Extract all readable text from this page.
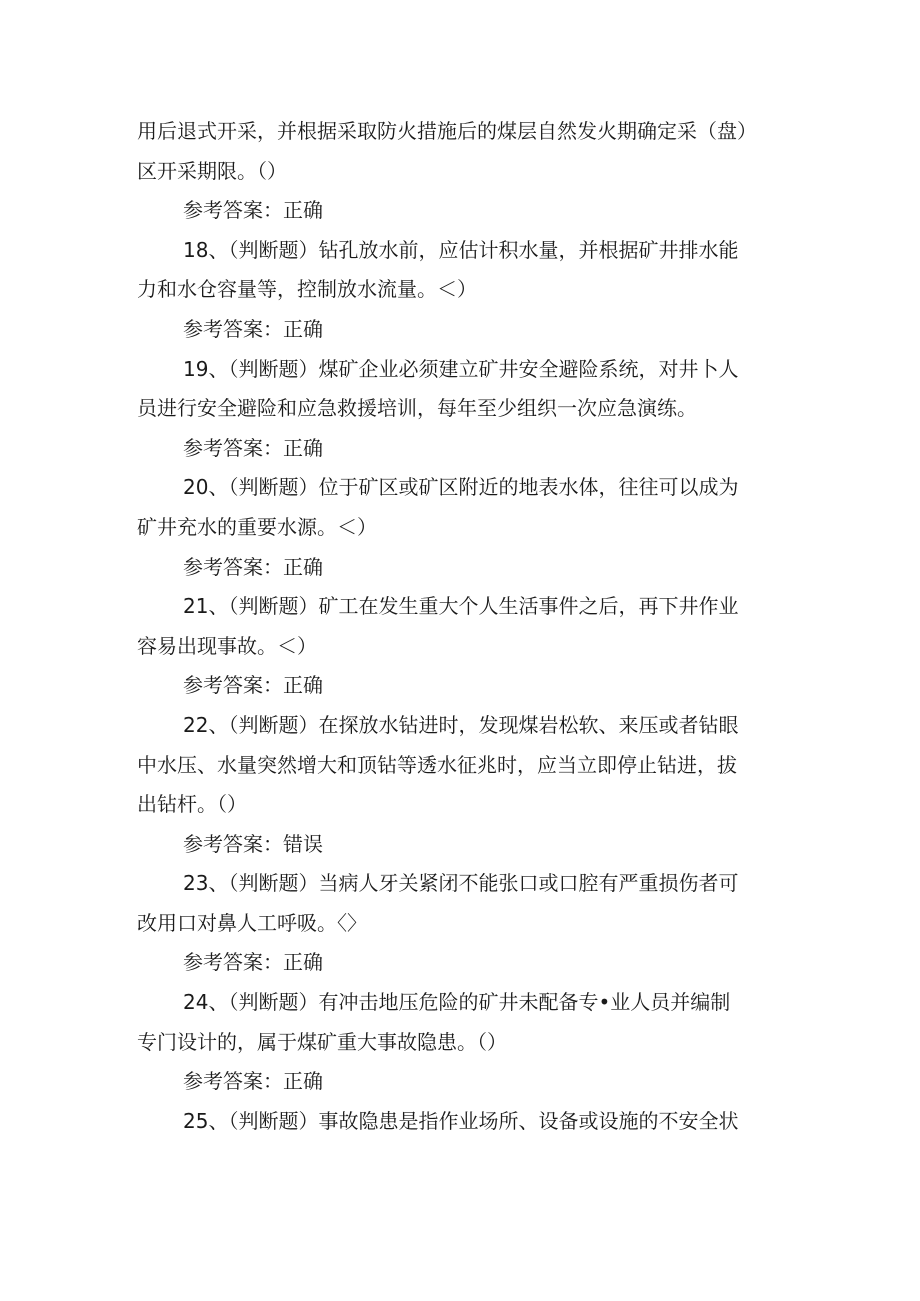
用后退式开采，并根据采取防火措施后的煤层自然发火期确定采（盘）
区开采期限。（）
参考答案：正确
18、（判断题）钻孔放水前，应估计积水量，并根据矿井排水能
力和水仓容量等，控制放水流量。＜）
参考答案：正确
19、（判断题）煤矿企业必须建立矿井安全避险系统，对井卜人
员进行安全避险和应急救援培训，每年至少组织一次应急演练。
参考答案：正确
20、（判断题）位于矿区或矿区附近的地表水体，往往可以成为
矿井充水的重要水源。＜）
参考答案：正确
21、（判断题）矿工在发生重大个人生活事件之后，再下井作业
容易出现事故。＜）
参考答案：正确
22、（判断题）在探放水钻进时，发现煤岩松软、来压或者钻眼
中水压、水量突然增大和顶钻等透水征兆时，应当立即停止钻进，拔
出钻杆。（）
参考答案：错误
23、（判断题）当病人牙关紧闭不能张口或口腔有严重损伤者可
改用口对鼻人工呼吸。〈〉
参考答案：正确
24、（判断题）有冲击地压危险的矿井未配备专•业人员并编制
专门设计的，属于煤矿重大事故隐患。（）
参考答案：正确
25、（判断题）事故隐患是指作业场所、设备或设施的不安全状
